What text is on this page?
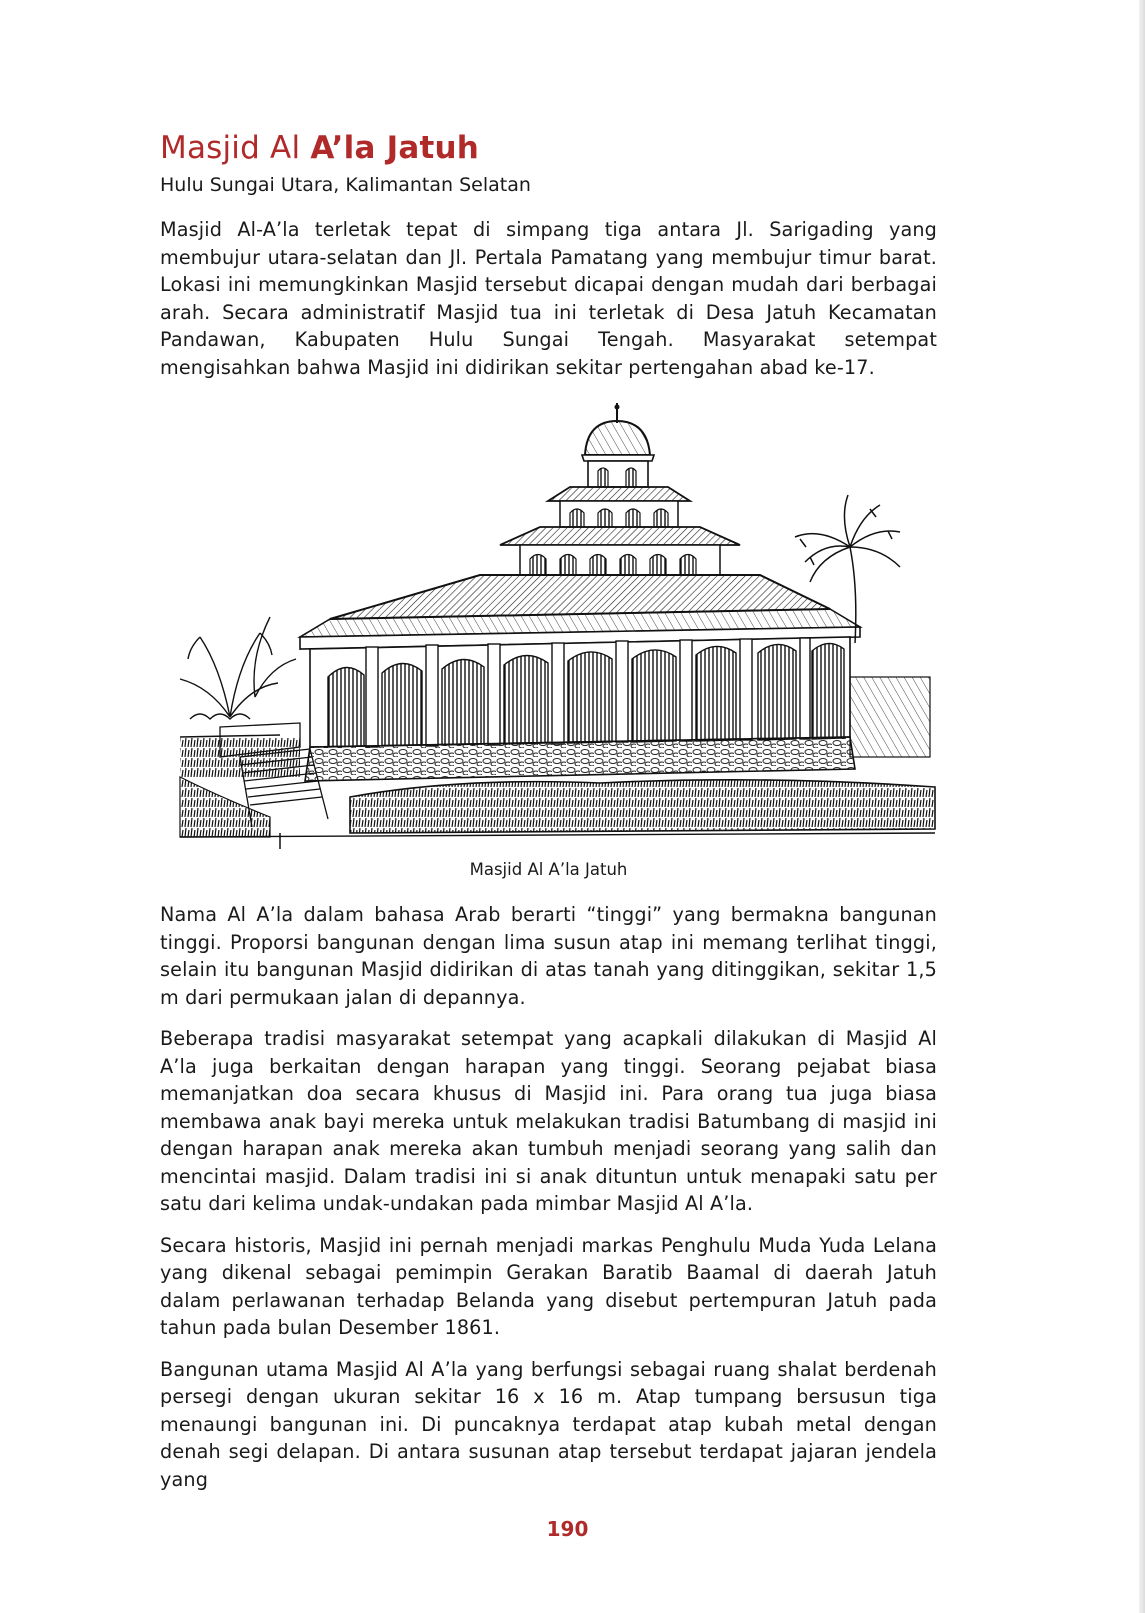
Masjid Al A’la Jatuh

Hulu Sungai Utara, Kalimantan Selatan

Masjid Al-A’la terletak tepat di simpang tiga antara Jl. Sarigading yang membujur utara-selatan dan Jl. Pertala Pamatang yang membujur timur barat. Lokasi ini memungkinkan Masjid tersebut dicapai dengan mudah dari berbagai arah. Secara administratif Masjid tua ini terletak di Desa Jatuh Kecamatan Pandawan, Kabupaten Hulu Sungai Tengah. Masyarakat setempat mengisahkan bahwa Masjid ini didirikan sekitar pertengahan abad ke-17.

Masjid Al A’la Jatuh

Nama Al A’la dalam bahasa Arab berarti “tinggi” yang bermakna bangunan tinggi. Proporsi bangunan dengan lima susun atap ini memang terlihat tinggi, selain itu bangunan Masjid didirikan di atas tanah yang ditinggikan, sekitar 1,5 m dari permukaan jalan di depannya.

Beberapa tradisi masyarakat setempat yang acapkali dilakukan di Masjid Al A’la juga berkaitan dengan harapan yang tinggi. Seorang pejabat biasa memanjatkan doa secara khusus di Masjid ini. Para orang tua juga biasa membawa anak bayi mereka untuk melakukan tradisi Batumbang di masjid ini dengan harapan anak mereka akan tumbuh menjadi seorang yang salih dan mencintai masjid. Dalam tradisi ini si anak dituntun untuk menapaki satu per satu dari kelima undak-undakan pada mimbar Masjid Al A’la.

Secara historis, Masjid ini pernah menjadi markas Penghulu Muda Yuda Lelana yang dikenal sebagai pemimpin Gerakan Baratib Baamal di daerah Jatuh dalam perlawanan terhadap Belanda yang disebut pertempuran Jatuh pada tahun pada bulan Desember 1861.

Bangunan utama Masjid Al A’la yang berfungsi sebagai ruang shalat berdenah persegi dengan ukuran sekitar 16 x 16 m. Atap tumpang bersusun tiga menaungi bangunan ini. Di puncaknya terdapat atap kubah metal dengan denah segi delapan. Di antara susunan atap tersebut terdapat jajaran jendela yang

190
